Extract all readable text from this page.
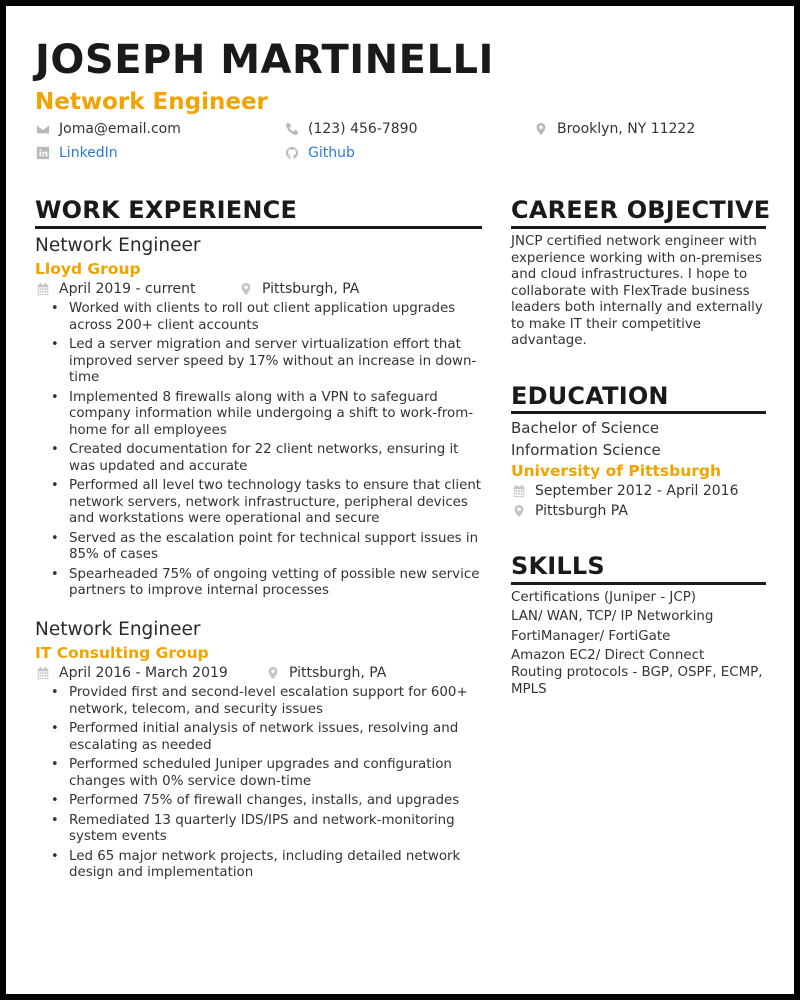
JOSEPH MARTINELLI
Network Engineer
Joma@email.com	(123) 456-7890	Brooklyn, NY 11222
LinkedIn	Github
WORK EXPERIENCE
Network Engineer
Lloyd Group
April 2019 - current	Pittsburgh, PA
• Worked with clients to roll out client application upgrades across 200+ client accounts
• Led a server migration and server virtualization effort that improved server speed by 17% without an increase in down-time
• Implemented 8 firewalls along with a VPN to safeguard company information while undergoing a shift to work-from-home for all employees
• Created documentation for 22 client networks, ensuring it was updated and accurate
• Performed all level two technology tasks to ensure that client network servers, network infrastructure, peripheral devices and workstations were operational and secure
• Served as the escalation point for technical support issues in 85% of cases
• Spearheaded 75% of ongoing vetting of possible new service partners to improve internal processes
Network Engineer
IT Consulting Group
April 2016 - March 2019	Pittsburgh, PA
• Provided first and second-level escalation support for 600+ network, telecom, and security issues
• Performed initial analysis of network issues, resolving and escalating as needed
• Performed scheduled Juniper upgrades and configuration changes with 0% service down-time
• Performed 75% of firewall changes, installs, and upgrades
• Remediated 13 quarterly IDS/IPS and network-monitoring system events
• Led 65 major network projects, including detailed network design and implementation
CAREER OBJECTIVE
JNCP certified network engineer with experience working with on-premises and cloud infrastructures. I hope to collaborate with FlexTrade business leaders both internally and externally to make IT their competitive advantage.
EDUCATION
Bachelor of Science
Information Science
University of Pittsburgh
September 2012 - April 2016
Pittsburgh PA
SKILLS
Certifications (Juniper - JCP)
LAN/ WAN, TCP/ IP Networking
FortiManager/ FortiGate
Amazon EC2/ Direct Connect
Routing protocols - BGP, OSPF, ECMP, MPLS
